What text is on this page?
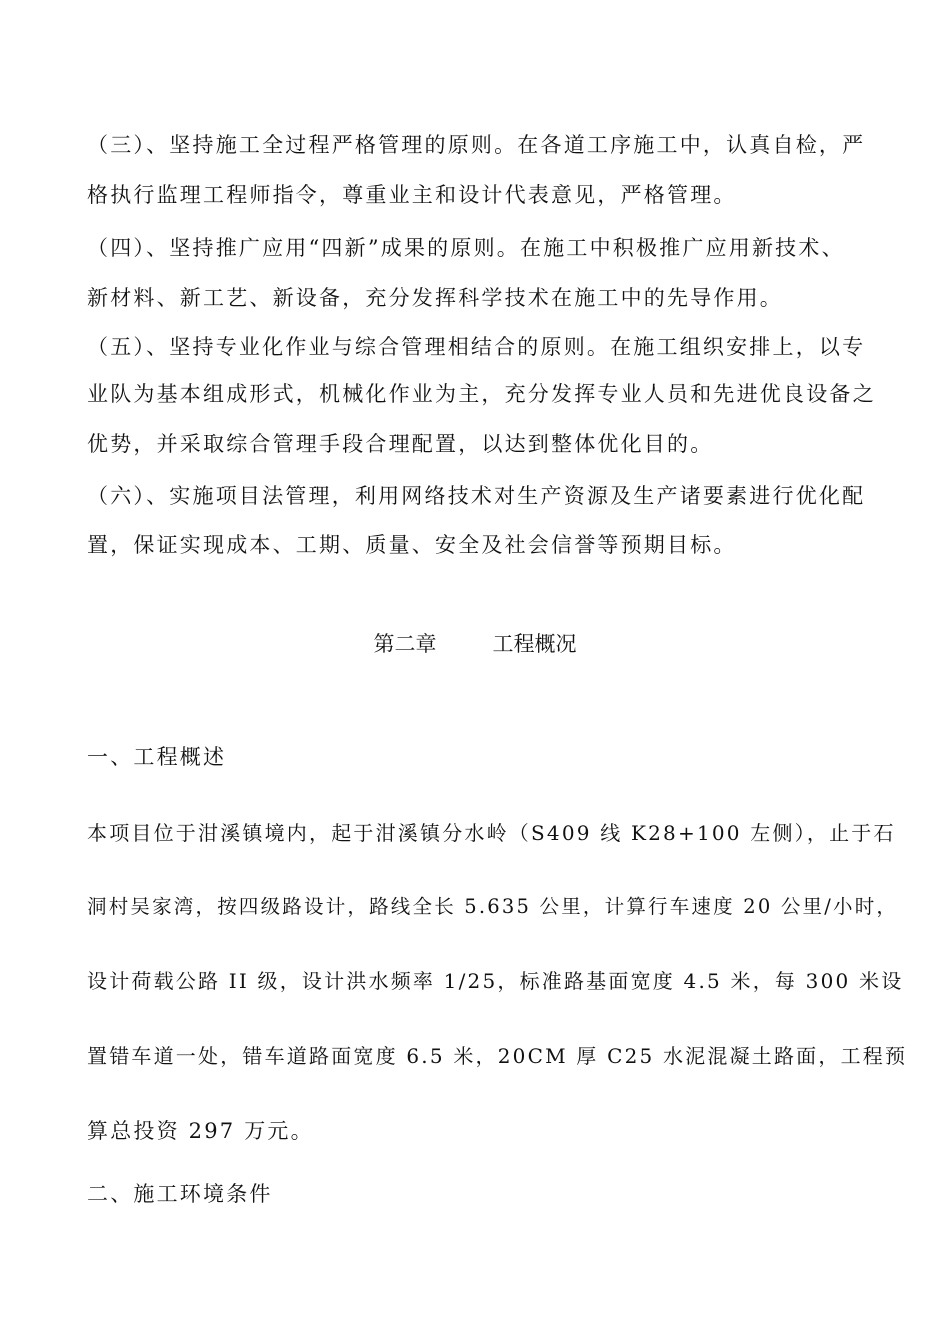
（三）、坚持施工全过程严格管理的原则。在各道工序施工中，认真自检，严
格执行监理工程师指令，尊重业主和设计代表意见，严格管理。
（四）、坚持推广应用“四新”成果的原则。在施工中积极推广应用新技术、
新材料、新工艺、新设备，充分发挥科学技术在施工中的先导作用。
（五）、坚持专业化作业与综合管理相结合的原则。在施工组织安排上，以专
业队为基本组成形式，机械化作业为主，充分发挥专业人员和先进优良设备之
优势，并采取综合管理手段合理配置，以达到整体优化目的。
（六）、实施项目法管理，利用网络技术对生产资源及生产诸要素进行优化配
置，保证实现成本、工期、质量、安全及社会信誉等预期目标。
第二章	工程概况
一、工程概述
本项目位于泔溪镇境内，起于泔溪镇分水岭（S409 线 K28+100 左侧），止于石
洞村吴家湾，按四级路设计，路线全长 5.635 公里，计算行车速度 20 公里/小时，
设计荷载公路 II 级，设计洪水频率 1/25，标准路基面宽度 4.5 米，每 300 米设
置错车道一处，错车道路面宽度 6.5 米，20CM 厚 C25 水泥混凝土路面，工程预
算总投资 297 万元。
二、施工环境条件
